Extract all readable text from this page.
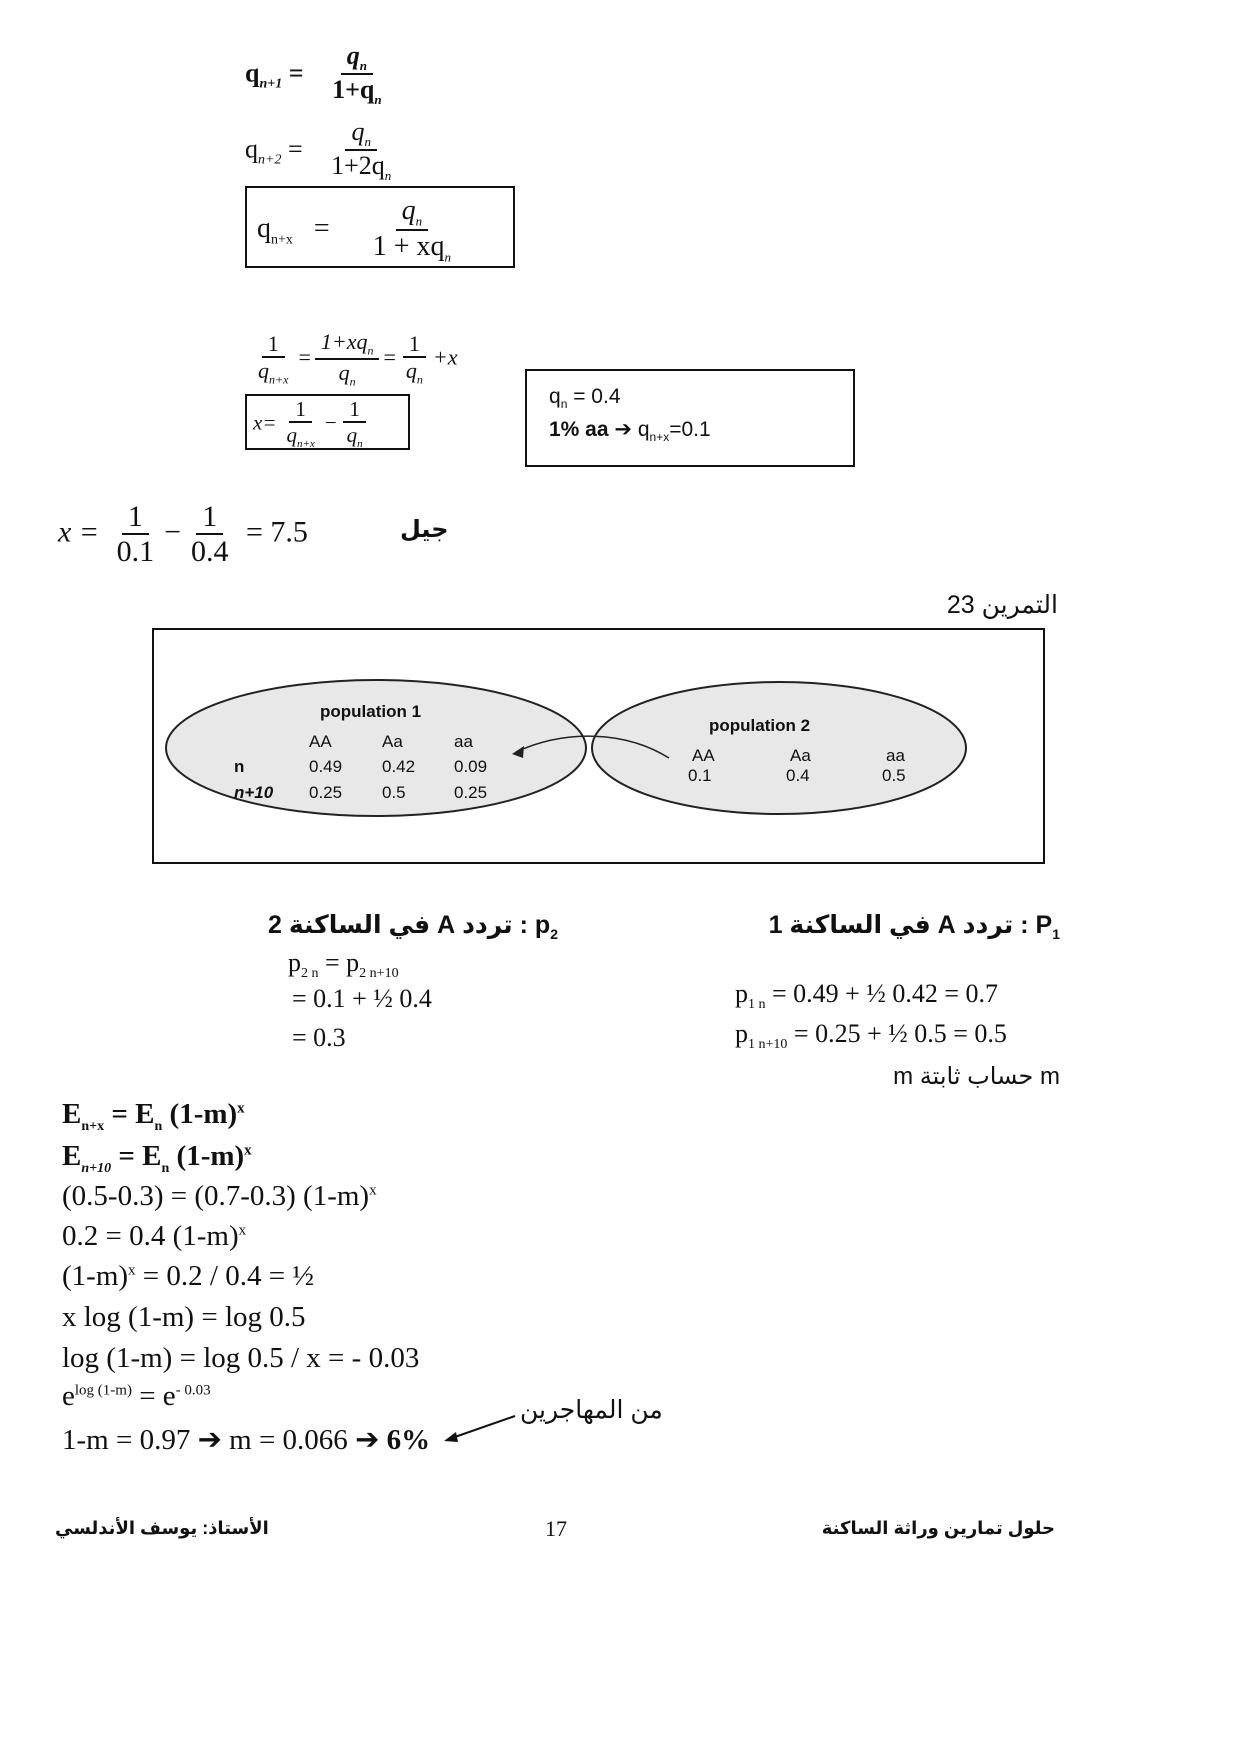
$q_{n+1} = \frac{q_n}{1+q_n}$
$q_{n+2} = \frac{q_n}{1+2q_n}$
$q_{n+x} = \frac{q_n}{1 + xq_n}$
$\frac{1}{q_{n+x}} = \frac{1+xq_n}{q_n} = \frac{1}{q_n} +x$
$x= \frac{1}{q_{n+x}} - \frac{1}{q_n}$
$q_n = 0.4$
1% aa ➔ $q_{n+x}=0.1$
$x = \frac{1}{0.1} - \frac{1}{0.4} = 7.5$	جيل
التمرين 23
population 1
AA	Aa	aa
n	0.49 0.42 0.09
n+10 0.25 0.5	0.25
population 2
AA	Aa	aa
0.1	0.4	0.5
$p_2$ : تردد A في الساكنة 2
$p_{2 n} = p_{2 n+10}$
= 0.1 + ½ 0.4
= 0.3
$P_1$ : تردد A في الساكنة 1
$p_{1 n} = 0.49$ + ½ 0.42 = 0.7
$p_{1 n+10} = 0.25$ + ½ 0.5 = 0.5
m حساب ثابتة m
$E_{n+x} = E_n$ $(1-m)^x$
$E_{n+10} = E_n$ $(1-m)^x$
(0.5-0.3) = (0.7-0.3) $(1-m)^x$
0.2 = 0.4 $(1-m)^x$
$(1-m)^x = 0.2 / 0.4$ = ½
x log (1-m) = log 0.5
log (1-m) = log 0.5 / x = - 0.03
$e^{log (1-m)} = e^{- 0.03}$
1-m = 0.97 ➔ m = 0.066 ➔ 6%
من المهاجرين
حلول تمارين وراثة الساكنة
17
الأستاذ: يوسف الأندلسي
